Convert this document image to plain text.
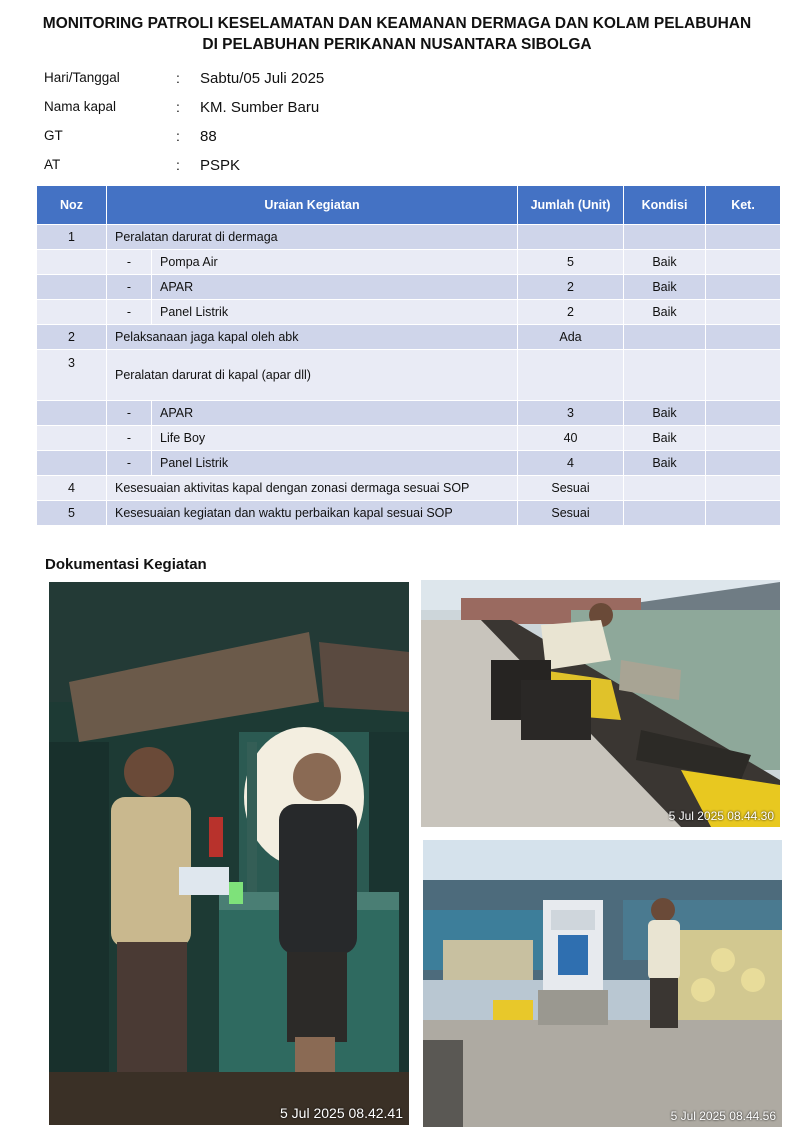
MONITORING PATROLI KESELAMATAN DAN KEAMANAN DERMAGA DAN KOLAM PELABUHAN
DI PELABUHAN PERIKANAN NUSANTARA SIBOLGA
Hari/Tanggal	: Sabtu/05 Juli 2025
Nama kapal	: KM. Sumber Baru
GT	: 88
AT	: PSPK
Noz	Uraian Kegiatan		Jumlah (Unit)	Kondisi	Ket.
1	Peralatan darurat di dermaga				
	-	Pompa Air	5	Baik	
	-	APAR	2	Baik	
	-	Panel Listrik	2	Baik	
2	Pelaksanaan jaga kapal oleh abk		Ada		
3	Peralatan darurat di kapal (apar dll)				
	-	APAR	3	Baik	
	-	Life Boy	40	Baik	
	-	Panel Listrik	4	Baik	
4	Kesesuaian aktivitas kapal dengan zonasi dermaga sesuai SOP		Sesuai		
5	Kesesuaian kegiatan dan waktu perbaikan kapal sesuai SOP		Sesuai		
Dokumentasi Kegiatan
5 Jul 2025 08.42.41
5 Jul 2025 08.44.30
5 Jul 2025 08.44.56
